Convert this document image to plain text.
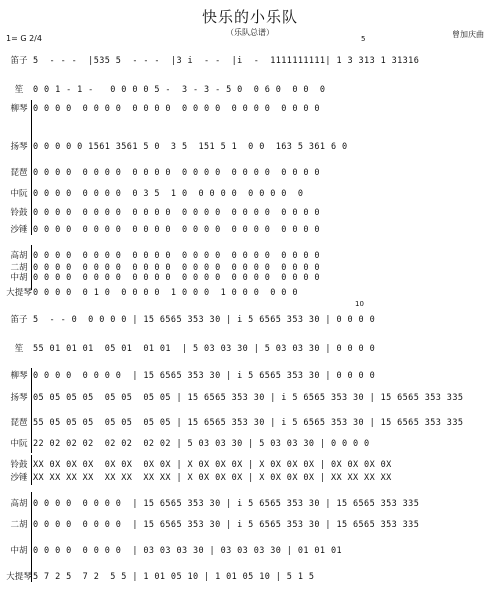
快乐的小乐队
（乐队总谱）	曾加庆曲
1= G 2/4	5
10
笛子 5  - - -  |535 5  - - -  |3 i  - -  |i  -  1111111111| 1 3 313 1 31316
笙	0 0 1 - 1 -   0 0 0 0 5 -  3 - 3 - 5 0  0 6 0  0 0  0
柳琴 0 0 0 0  0 0 0 0  0 0 0 0  0 0 0 0  0 0 0 0  0 0 0 0
扬琴 0 0 0 0 0 1561 3561 5 0  3 5  151 5 1  0 0  163 5 361 6 0
琵琶 0 0 0 0  0 0 0 0  0 0 0 0  0 0 0 0  0 0 0 0  0 0 0 0
中阮 0 0 0 0  0 0 0 0  0 3 5  1 0  0 0 0 0  0 0 0 0  0
铃鼓 0 0 0 0  0 0 0 0  0 0 0 0  0 0 0 0  0 0 0 0  0 0 0 0
沙锤 0 0 0 0  0 0 0 0  0 0 0 0  0 0 0 0  0 0 0 0  0 0 0 0
高胡 0 0 0 0  0 0 0 0  0 0 0 0  0 0 0 0  0 0 0 0  0 0 0 0
二胡 0 0 0 0  0 0 0 0  0 0 0 0  0 0 0 0  0 0 0 0  0 0 0 0
中胡 0 0 0 0  0 0 0 0  0 0 0 0  0 0 0 0  0 0 0 0  0 0 0 0
大提琴 0 0 0 0  0 1 0  0 0 0 0  1 0 0 0  1 0 0 0  0 0 0
笛子 5  - - 0  0 0 0 0 | 15 6565 353 30 | i 5 6565 353 30 | 0 0 0 0
笙	55 01 01 01  05 01  01 01  | 5 03 03 30 | 5 03 03 30 | 0 0 0 0
柳琴 0 0 0 0  0 0 0 0  | 15 6565 353 30 | i 5 6565 353 30 | 0 0 0 0
扬琴 05 05 05 05  05 05  05 05 | 15 6565 353 30 | i 5 6565 353 30 | 15 6565 353 335
琵琶 55 05 05 05  05 05  05 05 | 15 6565 353 30 | i 5 6565 353 30 | 15 6565 353 335
中阮 22 02 02 02  02 02  02 02 | 5 03 03 30 | 5 03 03 30 | 0 0 0 0
铃鼓 XX 0X 0X 0X  0X 0X  0X 0X | X 0X 0X 0X | X 0X 0X 0X | 0X 0X 0X 0X
沙锤 XX XX XX XX  XX XX  XX XX | X 0X 0X 0X | X 0X 0X 0X | XX XX XX XX
高胡 0 0 0 0  0 0 0 0  | 15 6565 353 30 | i 5 6565 353 30 | 15 6565 353 335
二胡 0 0 0 0  0 0 0 0  | 15 6565 353 30 | i 5 6565 353 30 | 15 6565 353 335
中胡 0 0 0 0  0 0 0 0  | 03 03 03 30 | 03 03 03 30 | 01 01 01
大提琴 5 7 2 5  7 2  5 5 | 1 01 05 10 | 1 01 05 10 | 5 1 5
